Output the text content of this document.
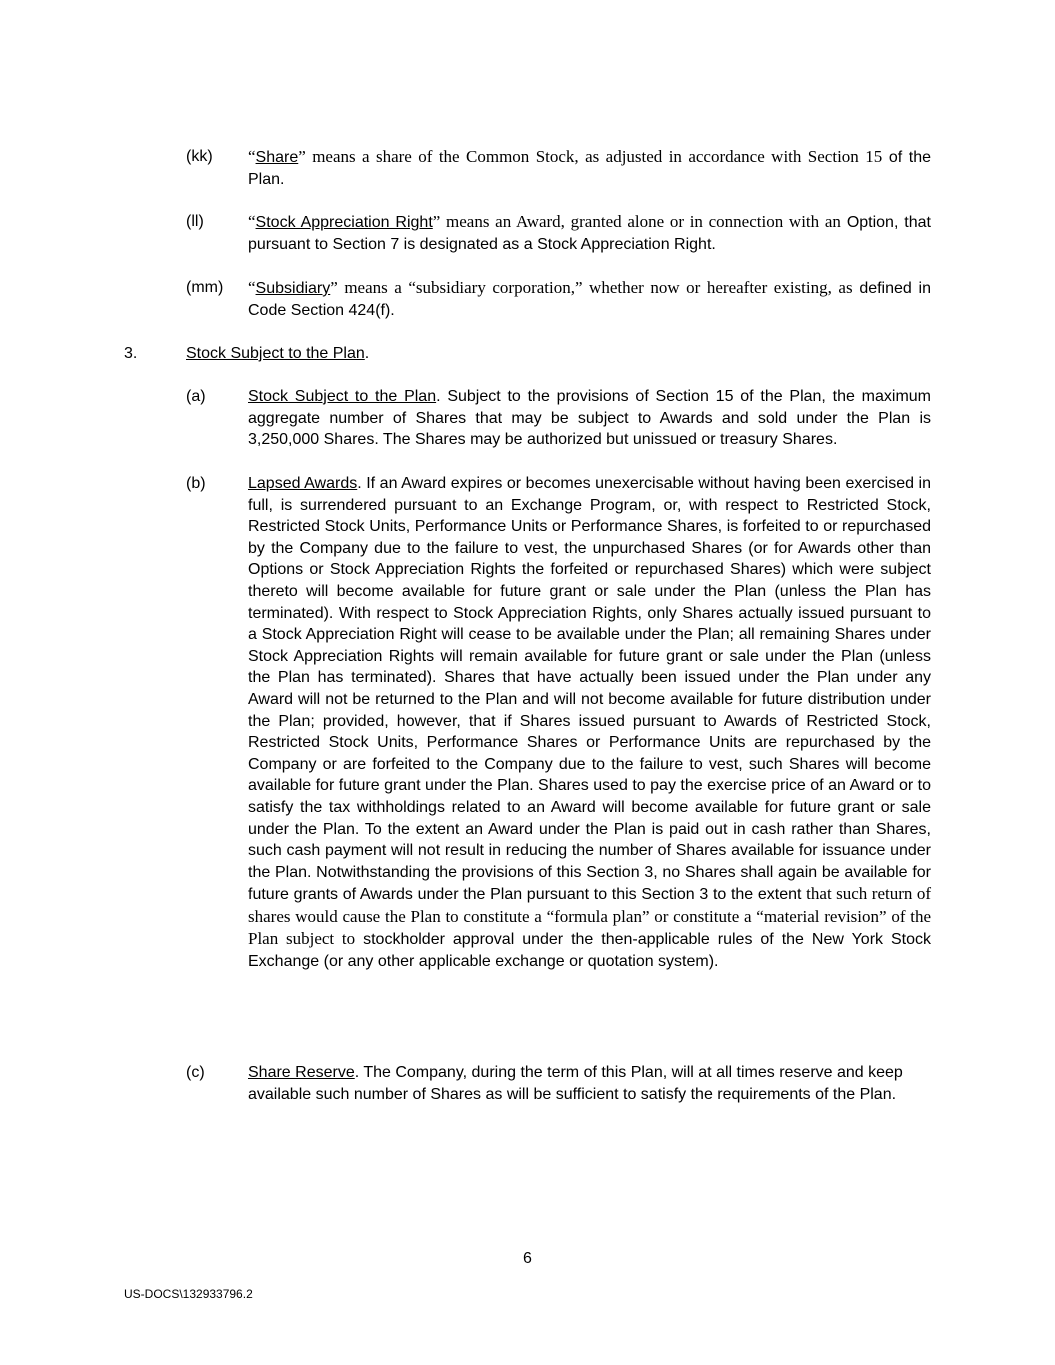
(kk) “Share” means a share of the Common Stock, as adjusted in accordance with Section 15 of the Plan.
(ll)	“Stock Appreciation Right” means an Award, granted alone or in connection with an Option, that pursuant to Section 7 is designated as a Stock Appreciation Right.
(mm) “Subsidiary” means a “subsidiary corporation,” whether now or hereafter existing, as defined in Code Section 424(f).
3.	Stock Subject to the Plan.
(a)	Stock Subject to the Plan. Subject to the provisions of Section 15 of the Plan, the maximum aggregate number of Shares that may be subject to Awards and sold under the Plan is 3,250,000 Shares. The Shares may be authorized but unissued or treasury Shares.
(b)	Lapsed Awards. If an Award expires or becomes unexercisable without having been exercised in full, is surrendered pursuant to an Exchange Program, or, with respect to Restricted Stock, Restricted Stock Units, Performance Units or Performance Shares, is forfeited to or repurchased by the Company due to the failure to vest, the unpurchased Shares (or for Awards other than Options or Stock Appreciation Rights the forfeited or repurchased Shares) which were subject thereto will become available for future grant or sale under the Plan (unless the Plan has terminated). With respect to Stock Appreciation Rights, only Shares actually issued pursuant to a Stock Appreciation Right will cease to be available under the Plan; all remaining Shares under Stock Appreciation Rights will remain available for future grant or sale under the Plan (unless the Plan has terminated). Shares that have actually been issued under the Plan under any Award will not be returned to the Plan and will not become available for future distribution under the Plan; provided, however, that if Shares issued pursuant to Awards of Restricted Stock, Restricted Stock Units, Performance Shares or Performance Units are repurchased by the Company or are forfeited to the Company due to the failure to vest, such Shares will become available for future grant under the Plan. Shares used to pay the exercise price of an Award or to satisfy the tax withholdings related to an Award will become available for future grant or sale under the Plan. To the extent an Award under the Plan is paid out in cash rather than Shares, such cash payment will not result in reducing the number of Shares available for issuance under the Plan. Notwithstanding the provisions of this Section 3, no Shares shall again be available for future grants of Awards under the Plan pursuant to this Section 3 to the extent that such return of shares would cause the Plan to constitute a “formula plan” or constitute a “material revision” of the Plan subject to stockholder approval under the then-applicable rules of the New York Stock Exchange (or any other applicable exchange or quotation system).
(c)	Share Reserve. The Company, during the term of this Plan, will at all times reserve and keep available such number of Shares as will be sufficient to satisfy the requirements of the Plan.
6
US-DOCS\132933796.2
